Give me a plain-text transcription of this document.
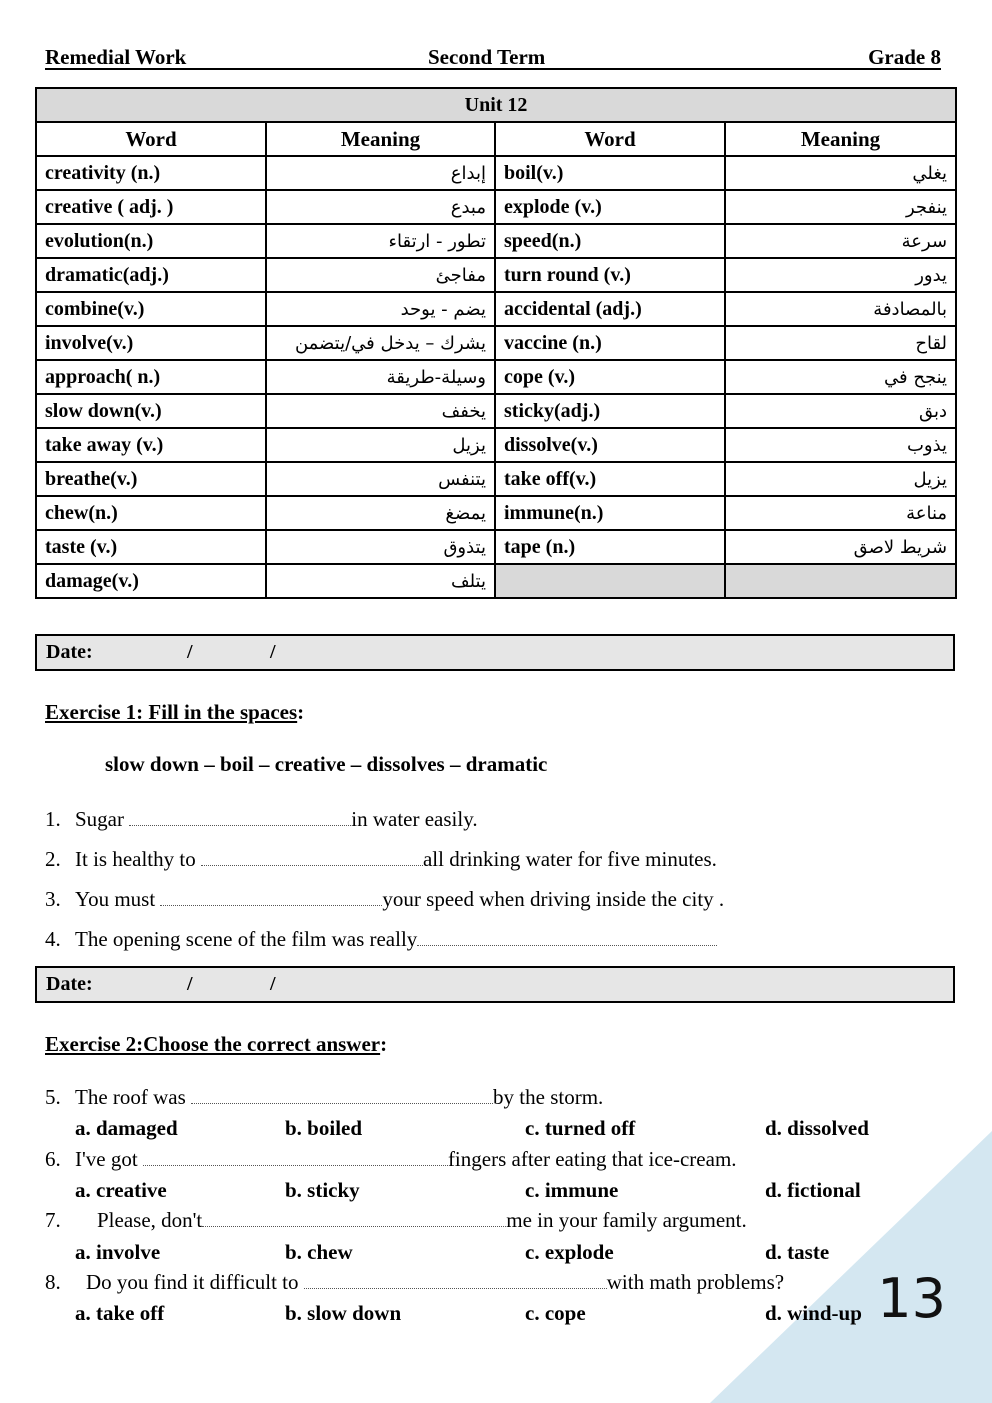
Remedial Work	Second Term	Grade 8
Unit 12			
Word	Meaning	Word	Meaning
creativity (n.)	إبداع	boil(v.)	يغلي
creative ( adj. )	مبدع	explode (v.)	ينفجر
evolution(n.)	تطور - ارتقاء	speed(n.)	سرعة
dramatic(adj.)	مفاجئ	turn round (v.)	يدور
combine(v.)	يضم - يوحد	accidental (adj.)	بالمصادفة
involve(v.)	يشرك – يدخل في/يتضمن	vaccine (n.)	لقاح
approach( n.)	وسيلة-طريقة	cope (v.)	ينجح في
slow down(v.)	يخفف	sticky(adj.)	دبق
take away (v.)	يزيل	dissolve(v.)	يذوب
breathe(v.)	يتنفس	take off(v.)	يزيل
chew(n.)	يمضغ	immune(n.)	مناعة
taste (v.)	يتذوق	tape (n.)	شريط لاصق
damage(v.)	يتلف		
Date:	/	/
Exercise 1: Fill in the spaces:
slow down – boil – creative – dissolves – dramatic
1. Sugar	in water easily.
2. It is healthy to	all drinking water for five minutes.
3. You must	your speed when driving inside the city .
4. The opening scene of the film was really
Date:	/	/
Exercise 2:Choose the correct answer:
5. The roof was	by the storm.
a. damaged	b. boiled	c. turned off	d. dissolved
6. I've got	fingers after eating that ice-cream.
a. creative	b. sticky	c. immune	d. fictional
7. Please, don't	me in your family argument.
a. involve	b. chew	c. explode	d. taste
8. Do you find it difficult to	with math problems?
a. take off	b. slow down	c. cope	d. wind-up 13
